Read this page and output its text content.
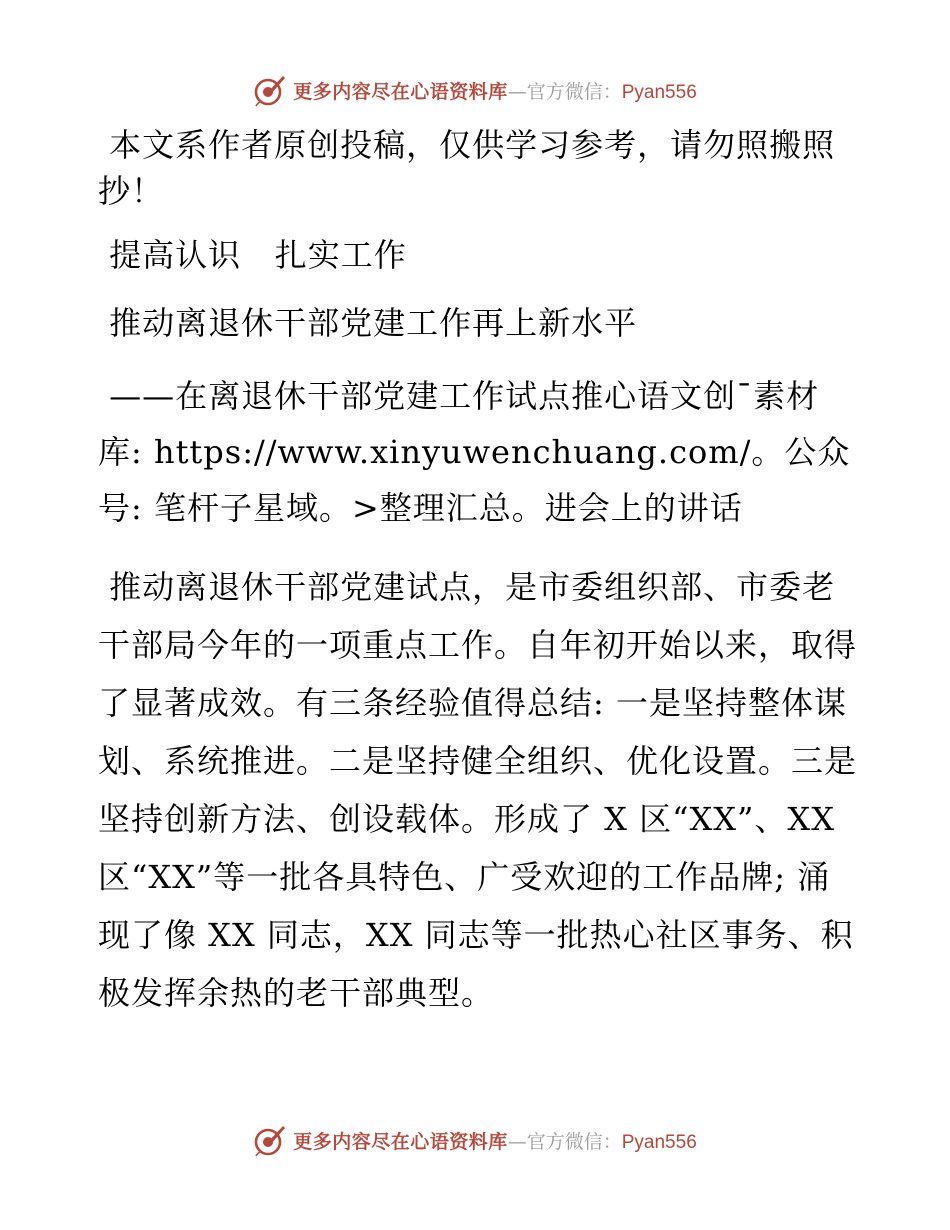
更多内容尽在心语资料库 — 官方微信： Pyan556

本文系作者原创投稿，仅供学习参考，请勿照搬照抄！

提高认识   扎实工作

推动离退休干部党建工作再上新水平

——在离退休干部党建工作试点推心语文创¯素材库: https://www.xinyuwenchuang.com/。公众号: 笔杆子星域。>整理汇总。进会上的讲话

推动离退休干部党建试点，是市委组织部、市委老干部局今年的一项重点工作。自年初开始以来，取得了显著成效。有三条经验值得总结: 一是坚持整体谋划、系统推进。二是坚持健全组织、优化设置。三是坚持创新方法、创设载体。形成了 X 区“XX”、XX 区“XX”等一批各具特色、广受欢迎的工作品牌; 涌现了像 XX 同志，XX 同志等一批热心社区事务、积极发挥余热的老干部典型。

更多内容尽在心语资料库 — 官方微信： Pyan556
